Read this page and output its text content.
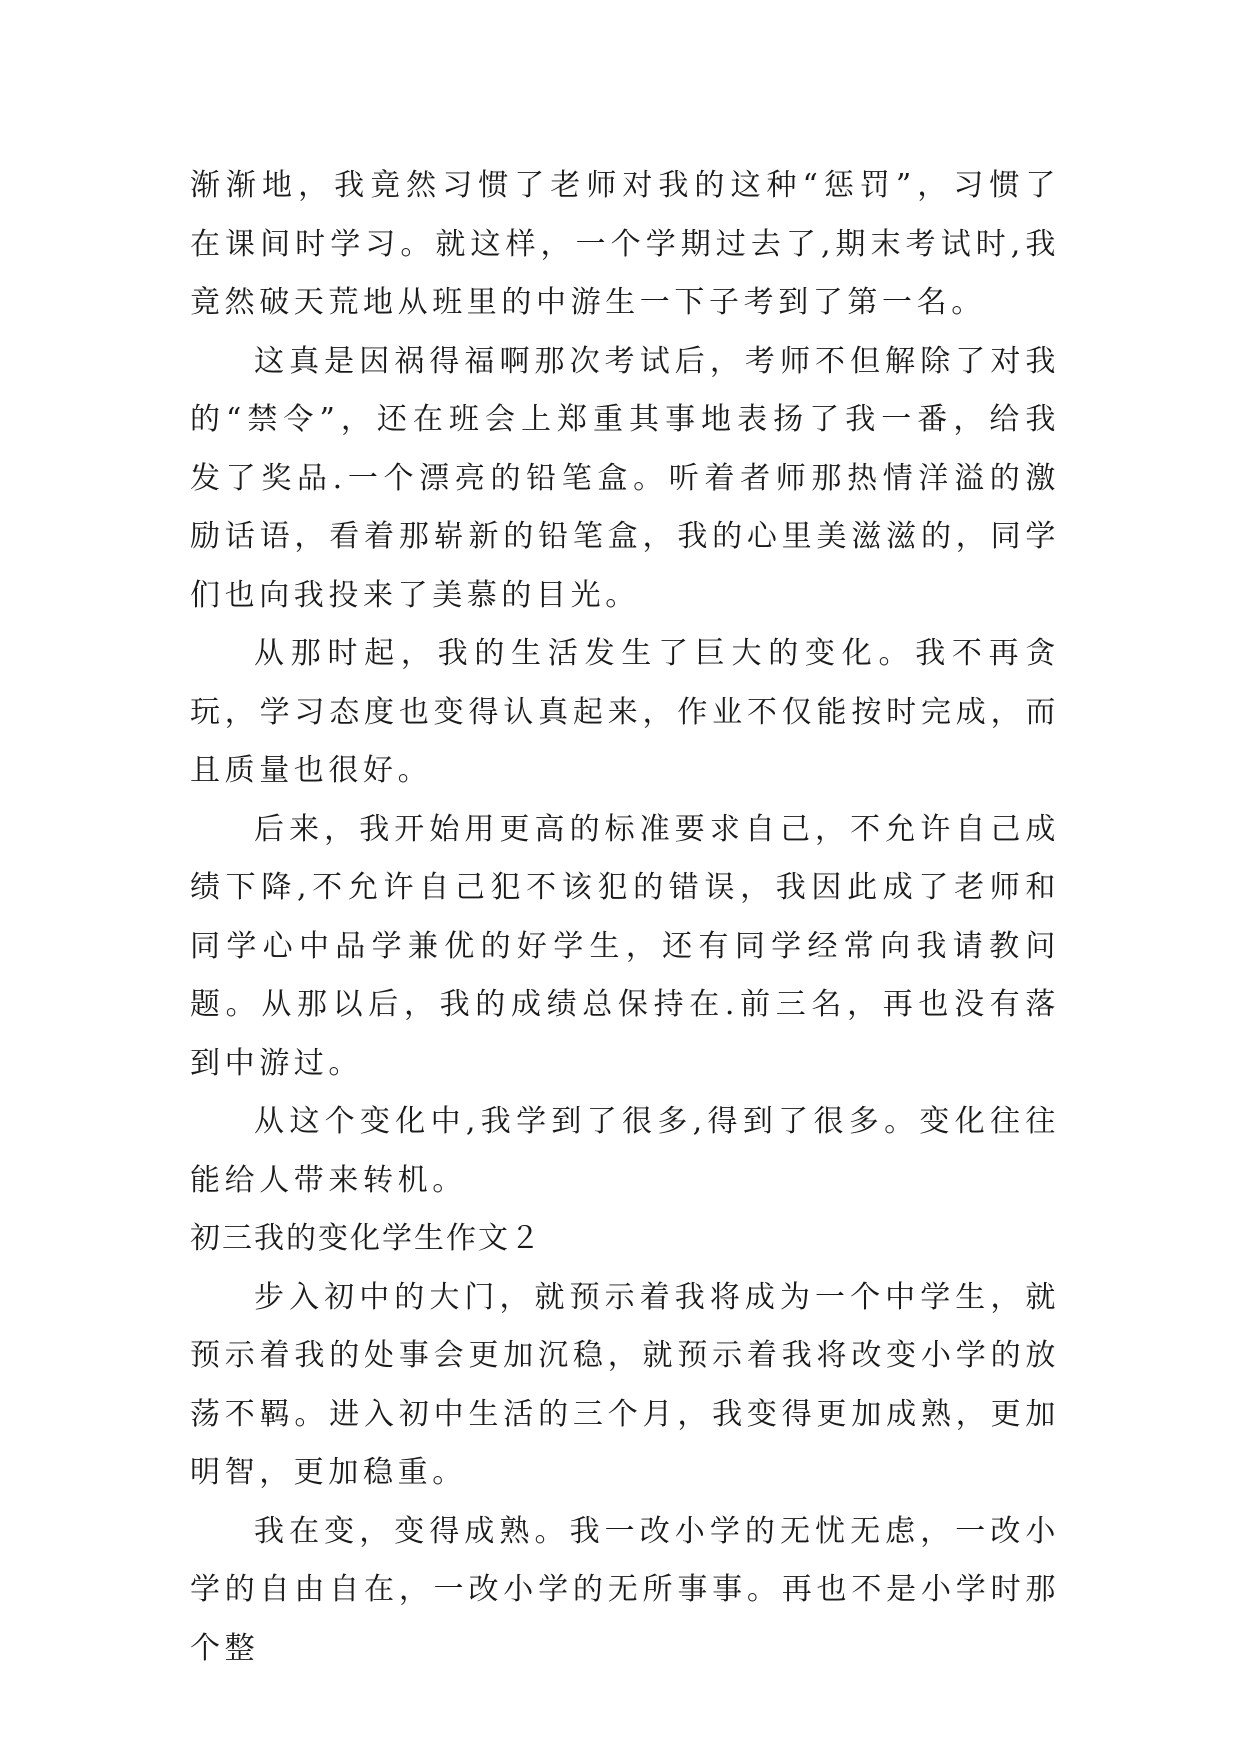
渐渐地，我竟然习惯了老师对我的这种“惩罚”，习惯了在课间时学习。就这样，一个学期过去了,期末考试时,我竟然破天荒地从班里的中游生一下子考到了第一名。

这真是因祸得福啊那次考试后，考师不但解除了对我的“禁令”，还在班会上郑重其事地表扬了我一番，给我发了奖品.一个漂亮的铅笔盒。听着者师那热情洋溢的激励话语，看着那崭新的铅笔盒，我的心里美滋滋的，同学们也向我投来了美慕的目光。

从那时起，我的生活发生了巨大的变化。我不再贪玩，学习态度也变得认真起来，作业不仅能按时完成，而且质量也很好。

后来，我开始用更高的标准要求自己，不允许自己成绩下降,不允许自己犯不该犯的错误，我因此成了老师和同学心中品学兼优的好学生，还有同学经常向我请教问题。从那以后，我的成绩总保持在.前三名，再也没有落到中游过。

从这个变化中,我学到了很多,得到了很多。变化往往能给人带来转机。

初三我的变化学生作文２

步入初中的大门，就预示着我将成为一个中学生，就预示着我的处事会更加沉稳，就预示着我将改变小学的放荡不羁。进入初中生活的三个月，我变得更加成熟，更加明智，更加稳重。

我在变，变得成熟。我一改小学的无忧无虑，一改小学的自由自在，一改小学的无所事事。再也不是小学时那个整
